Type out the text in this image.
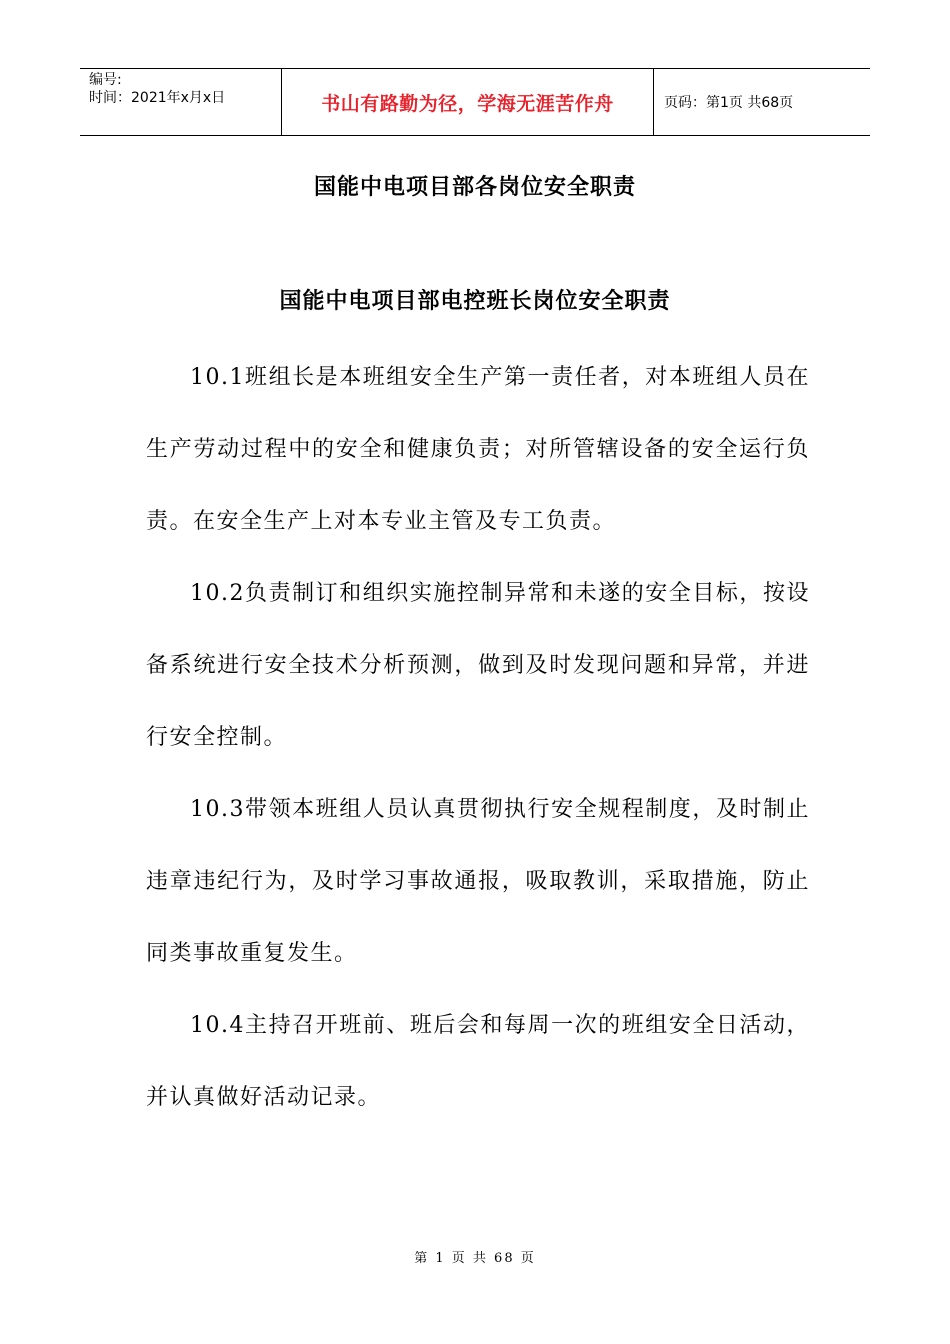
编号:
时间：2021年x月x日	书山有路勤为径，学海无涯苦作舟	页码：第1页 共68页
国能中电项目部各岗位安全职责
国能中电项目部电控班长岗位安全职责

10.1班组长是本班组安全生产第一责任者，对本班组人员在生产劳动过程中的安全和健康负责；对所管辖设备的安全运行负责。在安全生产上对本专业主管及专工负责。

10.2负责制订和组织实施控制异常和未遂的安全目标，按设备系统进行安全技术分析预测，做到及时发现问题和异常，并进行安全控制。

10.3带领本班组人员认真贯彻执行安全规程制度，及时制止违章违纪行为，及时学习事故通报，吸取教训，采取措施，防止同类事故重复发生。

10.4主持召开班前、班后会和每周一次的班组安全日活动，并认真做好活动记录。

第 1 页 共 68 页
